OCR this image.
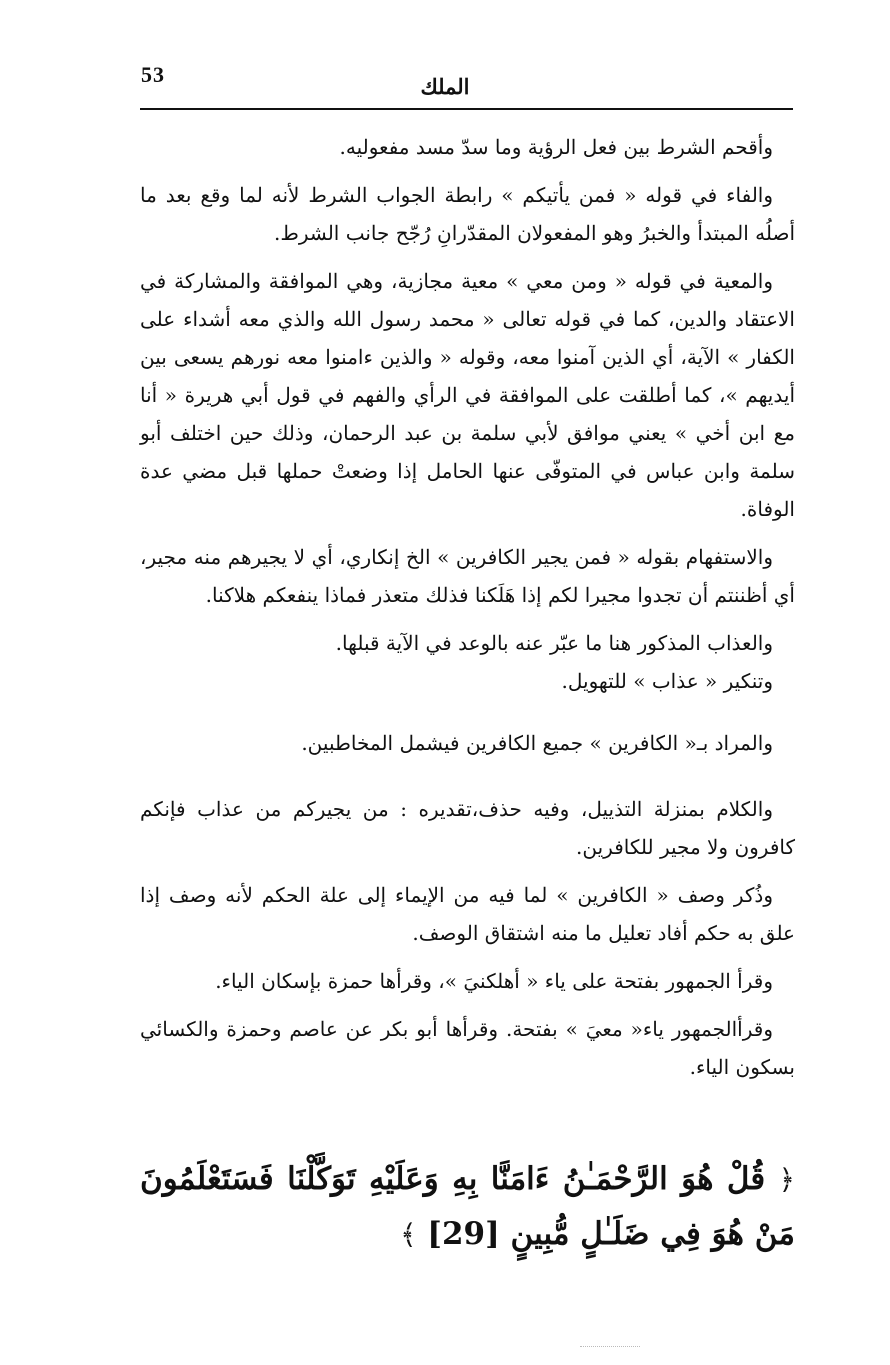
53	الملك

وأقحم الشرط بين فعل الرؤية وما سدّ مسد مفعوليه.

والفاء في قوله « فمن يأتيكم » رابطة الجواب الشرط لأنه لما وقع بعد ما أصلُه المبتدأ والخبرُ وهو المفعولان المقدّرانِ رُجّح جانب الشرط.

والمعية في قوله « ومن معي » معية مجازية، وهي الموافقة والمشاركة في الاعتقاد والدين، كما في قوله تعالى « محمد رسول الله والذي معه أشداء على الكفار » الآية، أي الذين آمنوا معه، وقوله « والذين ءامنوا معه نورهم يسعى بين أيديهم »، كما أطلقت على الموافقة في الرأي والفهم في قول أبي هريرة « أنا مع ابن أخي » يعني موافق لأبي سلمة بن عبد الرحمان، وذلك حين اختلف أبو سلمة وابن عباس في المتوفّى عنها الحامل إذا وضعتْ حملها قبل مضي عدة الوفاة.

والاستفهام بقوله « فمن يجير الكافرين » الخ إنكاري، أي لا يجيرهم منه مجير، أي أظننتم أن تجدوا مجيرا لكم إذا هَلَكنا فذلك متعذر فماذا ينفعكم هلاكنا.

والعذاب المذكور هنا ما عبّر عنه بالوعد في الآية قبلها.

وتنكير « عذاب » للتهويل.

والمراد بـ« الكافرين » جميع الكافرين فيشمل المخاطبين.

والكلام بمنزلة التذييل، وفيه حذف،تقديره : من يجيركم من عذاب فإنكم كافرون ولا مجير للكافرين.

وذُكر وصف « الكافرين » لما فيه من الإيماء إلى علة الحكم لأنه وصف إذا علق به حكم أفاد تعليل ما منه اشتقاق الوصف.

وقرأ الجمهور بفتحة على ياء « أهلكنيَ »، وقرأها حمزة بإسكان الياء.

وقرأالجمهور ياء« معيَ » بفتحة. وقرأها أبو بكر عن عاصم وحمزة والكسائي بسكون الياء.

﴿ قُلْ هُوَ الرَّحْمَـٰنُ ءَامَنَّا بِهِ وَعَلَيْهِ تَوَكَّلْنَا فَسَتَعْلَمُونَ مَنْ هُوَ فِي ضَلَـٰلٍ مُّبِينٍ [29] ﴾
